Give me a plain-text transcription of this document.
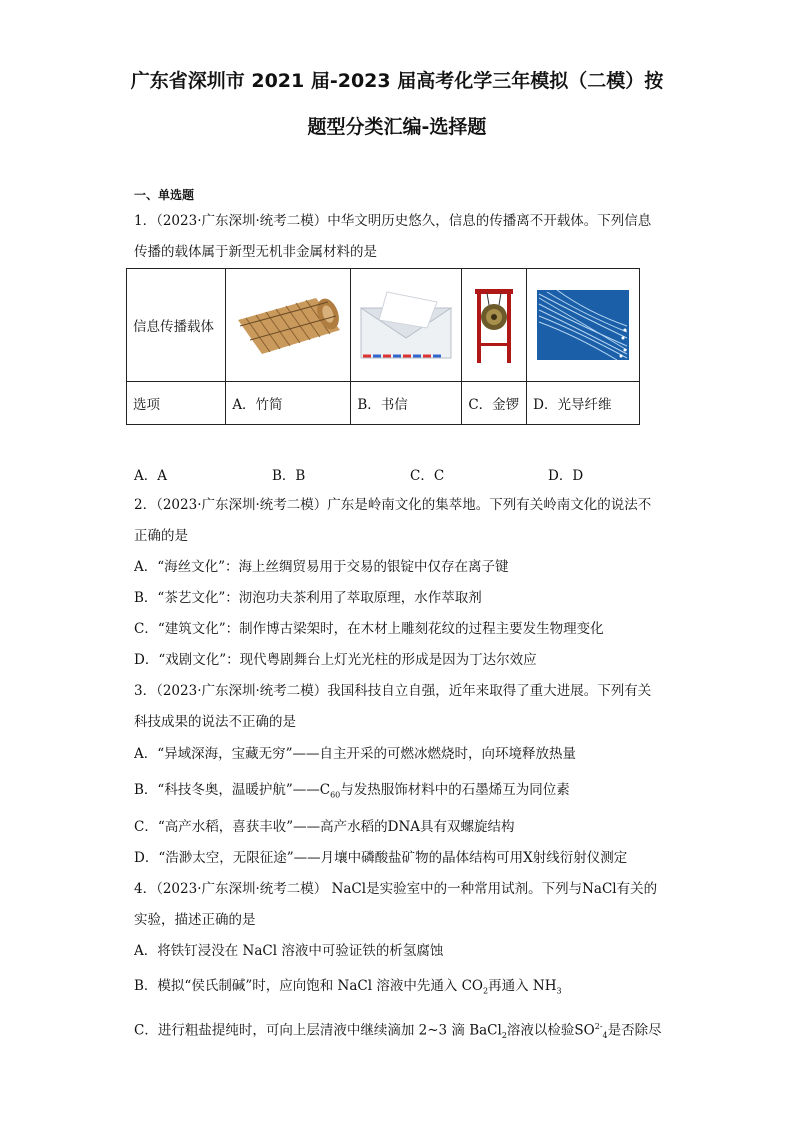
广东省深圳市 2021 届-2023 届高考化学三年模拟（二模）按
题型分类汇编-选择题
一、单选题
1．（2023·广东深圳·统考二模）中华文明历史悠久，信息的传播离不开载体。下列信息
传播的载体属于新型无机非金属材料的是
信息传播载体	

选项	A．竹简	B．书信	C．金锣	D．光导纤维
A．A	B．B	C．C	D．D
2．（2023·广东深圳·统考二模）广东是岭南文化的集萃地。下列有关岭南文化的说法不
正确的是
A．“海丝文化”：海上丝绸贸易用于交易的银锭中仅存在离子键
B．“茶艺文化”：沏泡功夫茶利用了萃取原理，水作萃取剂
C．“建筑文化”：制作博古梁架时，在木材上雕刻花纹的过程主要发生物理变化
D．“戏剧文化”：现代粤剧舞台上灯光光柱的形成是因为丁达尔效应
3．（2023·广东深圳·统考二模）我国科技自立自强，近年来取得了重大进展。下列有关
科技成果的说法不正确的是
A．“异域深海，宝藏无穷”——自主开采的可燃冰燃烧时，向环境释放热量
B．“科技冬奥，温暖护航$”——C_{60}$与发热服饰材料中的石墨烯互为同位素
C．“高产水稻，喜获丰收”——高产水稻的DNA具有双螺旋结构
D．“浩渺太空，无限征途”——月壤中磷酸盐矿物的晶体结构可用X射线衍射仪测定
4．（2023·广东深圳·统考二模） NaCl是实验室中的一种常用试剂。下列与NaCl有关的
实验，描述正确的是
A．将铁钉浸没在 NaCl 溶液中可验证铁的析氢腐蚀
B．模拟“侯氏制碱”时，应向饱和 NaCl 溶液中先通入 $CO_2$再通入 $NH_3$
C．进行粗盐提纯时，可向上层清液中继续滴加 2~3 滴 BaCl$_2$溶液以检验$SO^{2-}_4$是否除尽
